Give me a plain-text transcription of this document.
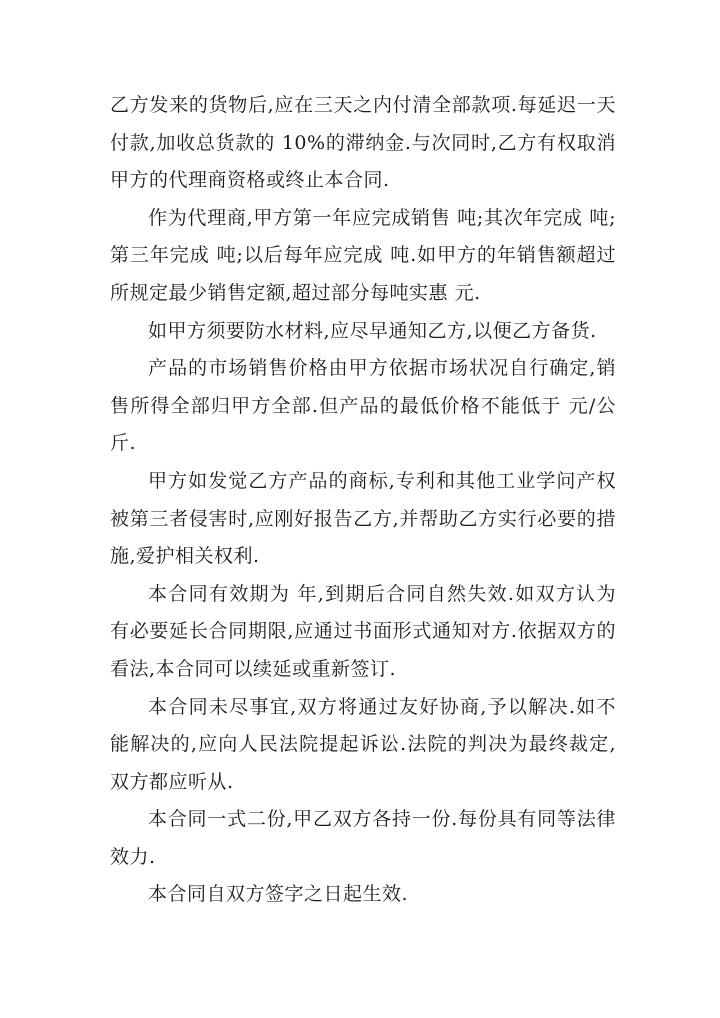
乙方发来的货物后,应在三天之内付清全部款项.每延迟一天付款,加收总货款的 10%的滞纳金.与次同时,乙方有权取消甲方的代理商资格或终止本合同.

作为代理商,甲方第一年应完成销售 吨;其次年完成 吨;第三年完成 吨;以后每年应完成 吨.如甲方的年销售额超过所规定最少销售定额,超过部分每吨实惠 元.

如甲方须要防水材料,应尽早通知乙方,以便乙方备货.

产品的市场销售价格由甲方依据市场状况自行确定,销售所得全部归甲方全部.但产品的最低价格不能低于 元/公斤.

甲方如发觉乙方产品的商标,专利和其他工业学问产权被第三者侵害时,应刚好报告乙方,并帮助乙方实行必要的措施,爱护相关权利.

本合同有效期为 年,到期后合同自然失效.如双方认为有必要延长合同期限,应通过书面形式通知对方.依据双方的看法,本合同可以续延或重新签订.

本合同未尽事宜,双方将通过友好协商,予以解决.如不能解决的,应向人民法院提起诉讼.法院的判决为最终裁定,双方都应听从.

本合同一式二份,甲乙双方各持一份.每份具有同等法律效力.

本合同自双方签字之日起生效.
